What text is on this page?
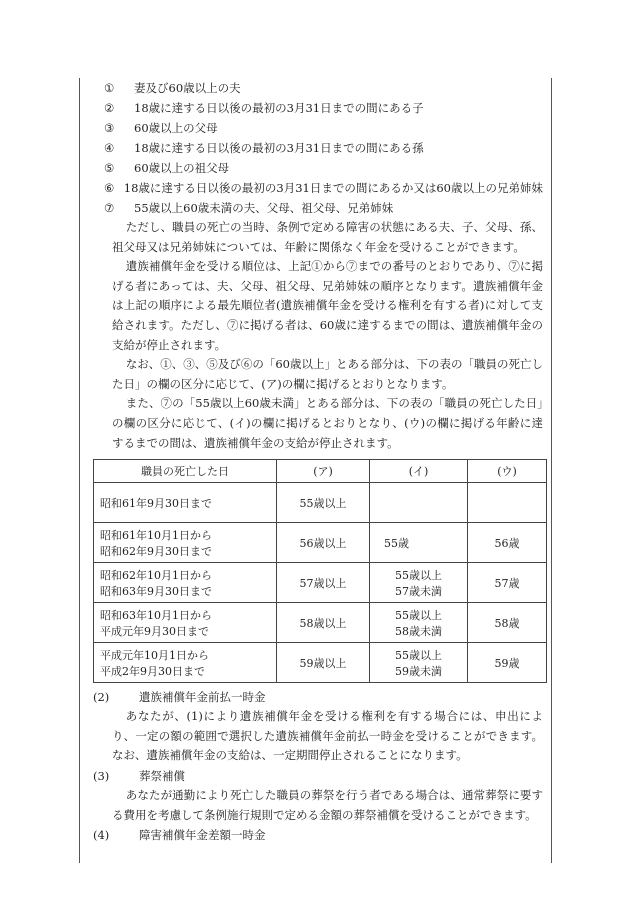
①	妻及び60歳以上の夫
②	18歳に達する日以後の最初の3月31日までの間にある子
③	60歳以上の父母
④	18歳に達する日以後の最初の3月31日までの間にある孫
⑤	60歳以上の祖父母
⑥ 18歳に達する日以後の最初の3月31日までの間にあるか又は60歳以上の兄弟姉妹
⑦	55歳以上60歳未満の夫、父母、祖父母、兄弟姉妹

ただし、職員の死亡の当時、条例で定める障害の状態にある夫、子、父母、孫、祖父母又は兄弟姉妹については、年齢に関係なく年金を受けることができます。

遺族補償年金を受ける順位は、上記①から⑦までの番号のとおりであり、⑦に掲げる者にあっては、夫、父母、祖父母、兄弟姉妹の順序となります。遺族補償年金は上記の順序による最先順位者(遺族補償年金を受ける権利を有する者)に対して支給されます。ただし、⑦に掲げる者は、60歳に達するまでの間は、遺族補償年金の支給が停止されます。

なお、①、③、⑤及び⑥の「60歳以上」とある部分は、下の表の「職員の死亡した日」の欄の区分に応じて、(ア)の欄に掲げるとおりとなります。

また、⑦の「55歳以上60歳未満」とある部分は、下の表の「職員の死亡した日」の欄の区分に応じて、(イ)の欄に掲げるとおりとなり、(ウ)の欄に掲げる年齢に達するまでの間は、遺族補償年金の支給が停止されます。

職員の死亡した日	(ア)	(イ)	(ウ)
昭和61年9月30日まで	55歳以上		
昭和61年10月1日から
昭和62年9月30日まで	56歳以上	55歳	56歳
昭和62年10月1日から
昭和63年9月30日まで	57歳以上	55歳以上
57歳未満	57歳
昭和63年10月1日から
平成元年9月30日まで	58歳以上	55歳以上
58歳未満	58歳
平成元年10月1日から
平成2年9月30日まで	59歳以上	55歳以上
59歳未満	59歳
(2)	遺族補償年金前払一時金

あなたが、(1)により遺族補償年金を受ける権利を有する場合には、申出により、一定の額の範囲で選択した遺族補償年金前払一時金を受けることができます。なお、遺族補償年金の支給は、一定期間停止されることになります。

(3)	葬祭補償

あなたが通勤により死亡した職員の葬祭を行う者である場合は、通常葬祭に要する費用を考慮して条例施行規則で定める金額の葬祭補償を受けることができます。

(4)	障害補償年金差額一時金
